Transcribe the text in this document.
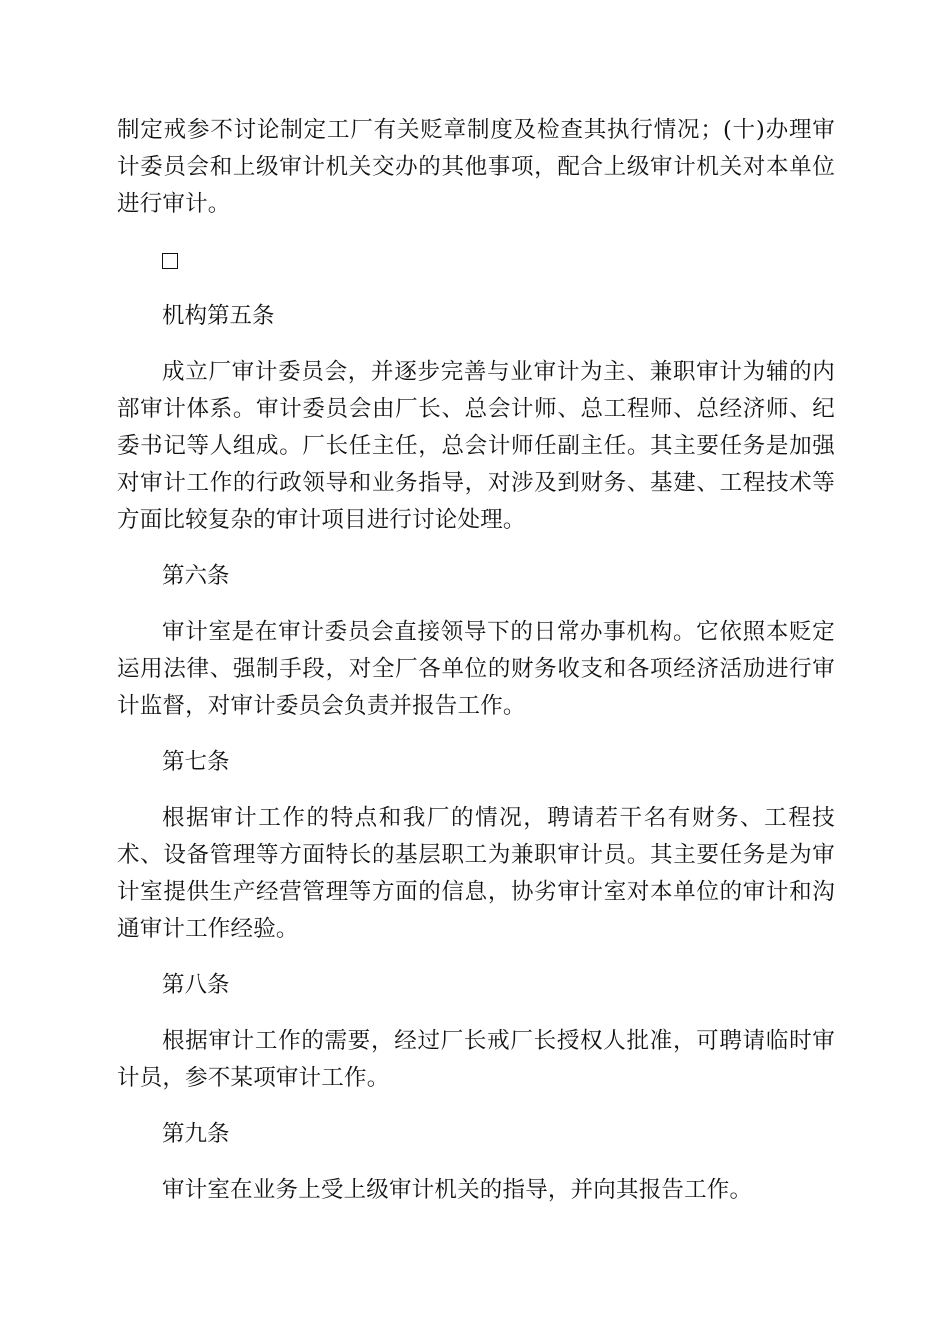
制定戒参不讨论制定工厂有关贬章制度及检查其执行情况；(十)办理审计委员会和上级审计机关交办的其他事项，配合上级审计机关对本单位进行审计。

机构第五条

成立厂审计委员会，并逐步完善与业审计为主、兼职审计为辅的内部审计体系。审计委员会由厂长、总会计师、总工程师、总经济师、纪委书记等人组成。厂长任主任，总会计师任副主任。其主要任务是加强对审计工作的行政领导和业务指导，对涉及到财务、基建、工程技术等方面比较复杂的审计项目进行讨论处理。

第六条

审计室是在审计委员会直接领导下的日常办事机构。它依照本贬定运用法律、强制手段，对全厂各单位的财务收支和各项经济活劢进行审计监督，对审计委员会负责并报告工作。

第七条

根据审计工作的特点和我厂的情况，聘请若干名有财务、工程技术、设备管理等方面特长的基层职工为兼职审计员。其主要任务是为审计室提供生产经营管理等方面的信息，协劣审计室对本单位的审计和沟通审计工作经验。

第八条

根据审计工作的需要，经过厂长戒厂长授权人批准，可聘请临时审计员，参不某项审计工作。

第九条

审计室在业务上受上级审计机关的指导，并向其报告工作。
